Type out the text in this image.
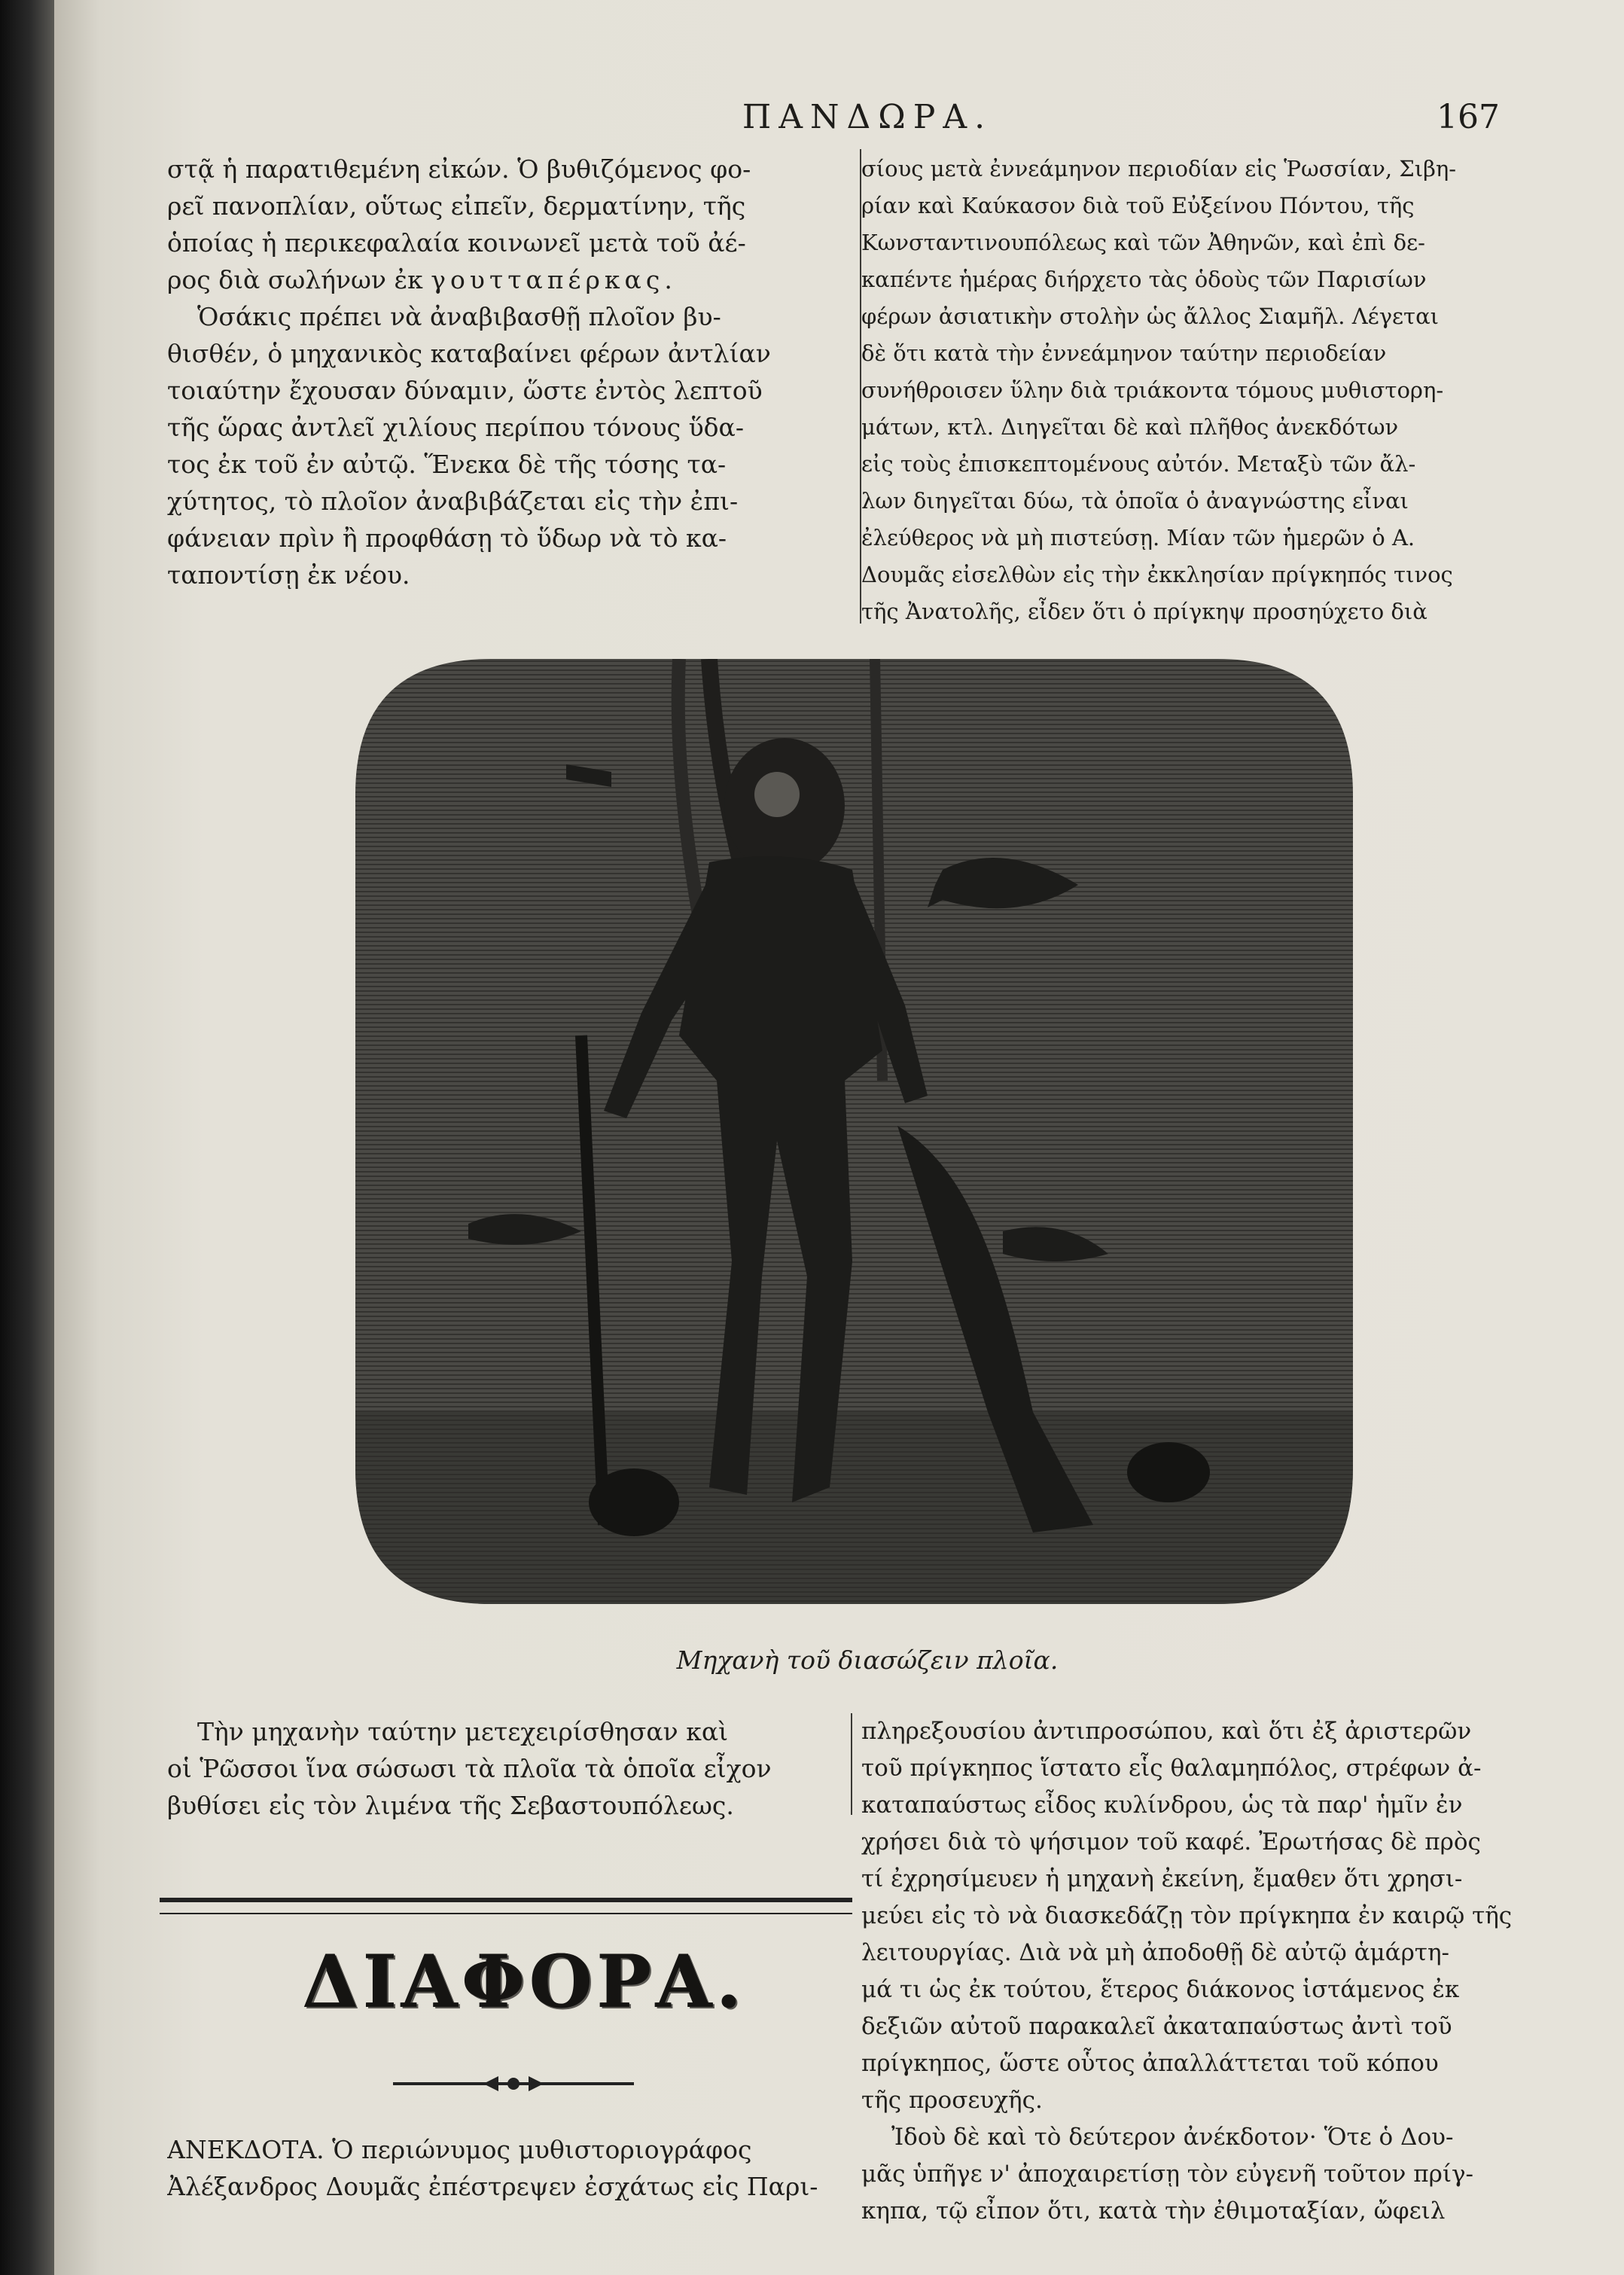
ΠΑΝΔΩΡΑ.	167
στᾷ ἡ παρατιθεμένη εἰκών. Ὁ βυθιζόμενος φο-
ρεῖ πανοπλίαν, οὕτως εἰπεῖν, δερματίνην, τῆς
ὁποίας ἡ περικεφαλαία κοινωνεῖ μετὰ τοῦ ἀέ-
ρος διὰ σωλήνων ἐκ γουτταπέρκας.
Ὁσάκις πρέπει νὰ ἀναβιβασθῇ πλοῖον βυ-
θισθέν, ὁ μηχανικὸς καταβαίνει φέρων ἀντλίαν
τοιαύτην ἔχουσαν δύναμιν, ὥστε ἐντὸς λεπτοῦ
τῆς ὥρας ἀντλεῖ χιλίους περίπου τόνους ὕδα-
τος ἐκ τοῦ ἐν αὐτῷ. Ἕνεκα δὲ τῆς τόσης τα-
χύτητος, τὸ πλοῖον ἀναβιβάζεται εἰς τὴν ἐπι-
φάνειαν πρὶν ἢ προφθάσῃ τὸ ὕδωρ νὰ τὸ κα-
ταποντίσῃ ἐκ νέου.
σίους μετὰ ἐννεάμηνον περιοδίαν εἰς Ῥωσσίαν, Σιβη-
ρίαν καὶ Καύκασον διὰ τοῦ Εὐξείνου Πόντου, τῆς
Κωνσταντινουπόλεως καὶ τῶν Ἀθηνῶν, καὶ ἐπὶ δε-
καπέντε ἡμέρας διήρχετο τὰς ὁδοὺς τῶν Παρισίων
φέρων ἀσιατικὴν στολὴν ὡς ἄλλος Σιαμῆλ. Λέγεται
δὲ ὅτι κατὰ τὴν ἐννεάμηνον ταύτην περιοδείαν
συνήθροισεν ὕλην διὰ τριάκοντα τόμους μυθιστορη-
μάτων, κτλ. Διηγεῖται δὲ καὶ πλῆθος ἀνεκδότων
εἰς τοὺς ἐπισκεπτομένους αὐτόν. Μεταξὺ τῶν ἄλ-
λων διηγεῖται δύω, τὰ ὁποῖα ὁ ἀναγνώστης εἶναι
ἐλεύθερος νὰ μὴ πιστεύσῃ. Μίαν τῶν ἡμερῶν ὁ Α.
Δουμᾶς εἰσελθὼν εἰς τὴν ἐκκλησίαν πρίγκηπός τινος
τῆς Ἀνατολῆς, εἶδεν ὅτι ὁ πρίγκηψ προσηύχετο διὰ
Μηχανὴ τοῦ διασώζειν πλοῖα.
Τὴν μηχανὴν ταύτην μετεχειρίσθησαν καὶ
οἱ Ῥῶσσοι ἵνα σώσωσι τὰ πλοῖα τὰ ὁποῖα εἶχον
βυθίσει εἰς τὸν λιμένα τῆς Σεβαστουπόλεως.
πληρεξουσίου ἀντιπροσώπου, καὶ ὅτι ἐξ ἀριστερῶν
τοῦ πρίγκηπος ἵστατο εἷς θαλαμηπόλος, στρέφων ἀ-
καταπαύστως εἶδος κυλίνδρου, ὡς τὰ παρ' ἡμῖν ἐν
χρήσει διὰ τὸ ψήσιμον τοῦ καφέ. Ἐρωτήσας δὲ πρὸς
τί ἐχρησίμευεν ἡ μηχανὴ ἐκείνη, ἔμαθεν ὅτι χρησι-
μεύει εἰς τὸ νὰ διασκεδάζῃ τὸν πρίγκηπα ἐν καιρῷ τῆς
λειτουργίας. Διὰ νὰ μὴ ἀποδοθῇ δὲ αὐτῷ ἁμάρτη-
μά τι ὡς ἐκ τούτου, ἕτερος διάκονος ἱστάμενος ἐκ
δεξιῶν αὐτοῦ παρακαλεῖ ἀκαταπαύστως ἀντὶ τοῦ
πρίγκηπος, ὥστε οὗτος ἀπαλλάττεται τοῦ κόπου
τῆς προσευχῆς.
Ἰδοὺ δὲ καὶ τὸ δεύτερον ἀνέκδοτον· Ὅτε ὁ Δου-
μᾶς ὑπῆγε ν' ἀποχαιρετίσῃ τὸν εὐγενῆ τοῦτον πρίγ-
κηπα, τῷ εἶπον ὅτι, κατὰ τὴν ἐθιμοταξίαν, ὤφειλ
ΔΙΑΦΟΡΑ.
ΑΝΕΚΔΟΤΑ. Ὁ περιώνυμος μυθιστοριογράφος
Ἀλέξανδρος Δουμᾶς ἐπέστρεψεν ἐσχάτως εἰς Παρι-
